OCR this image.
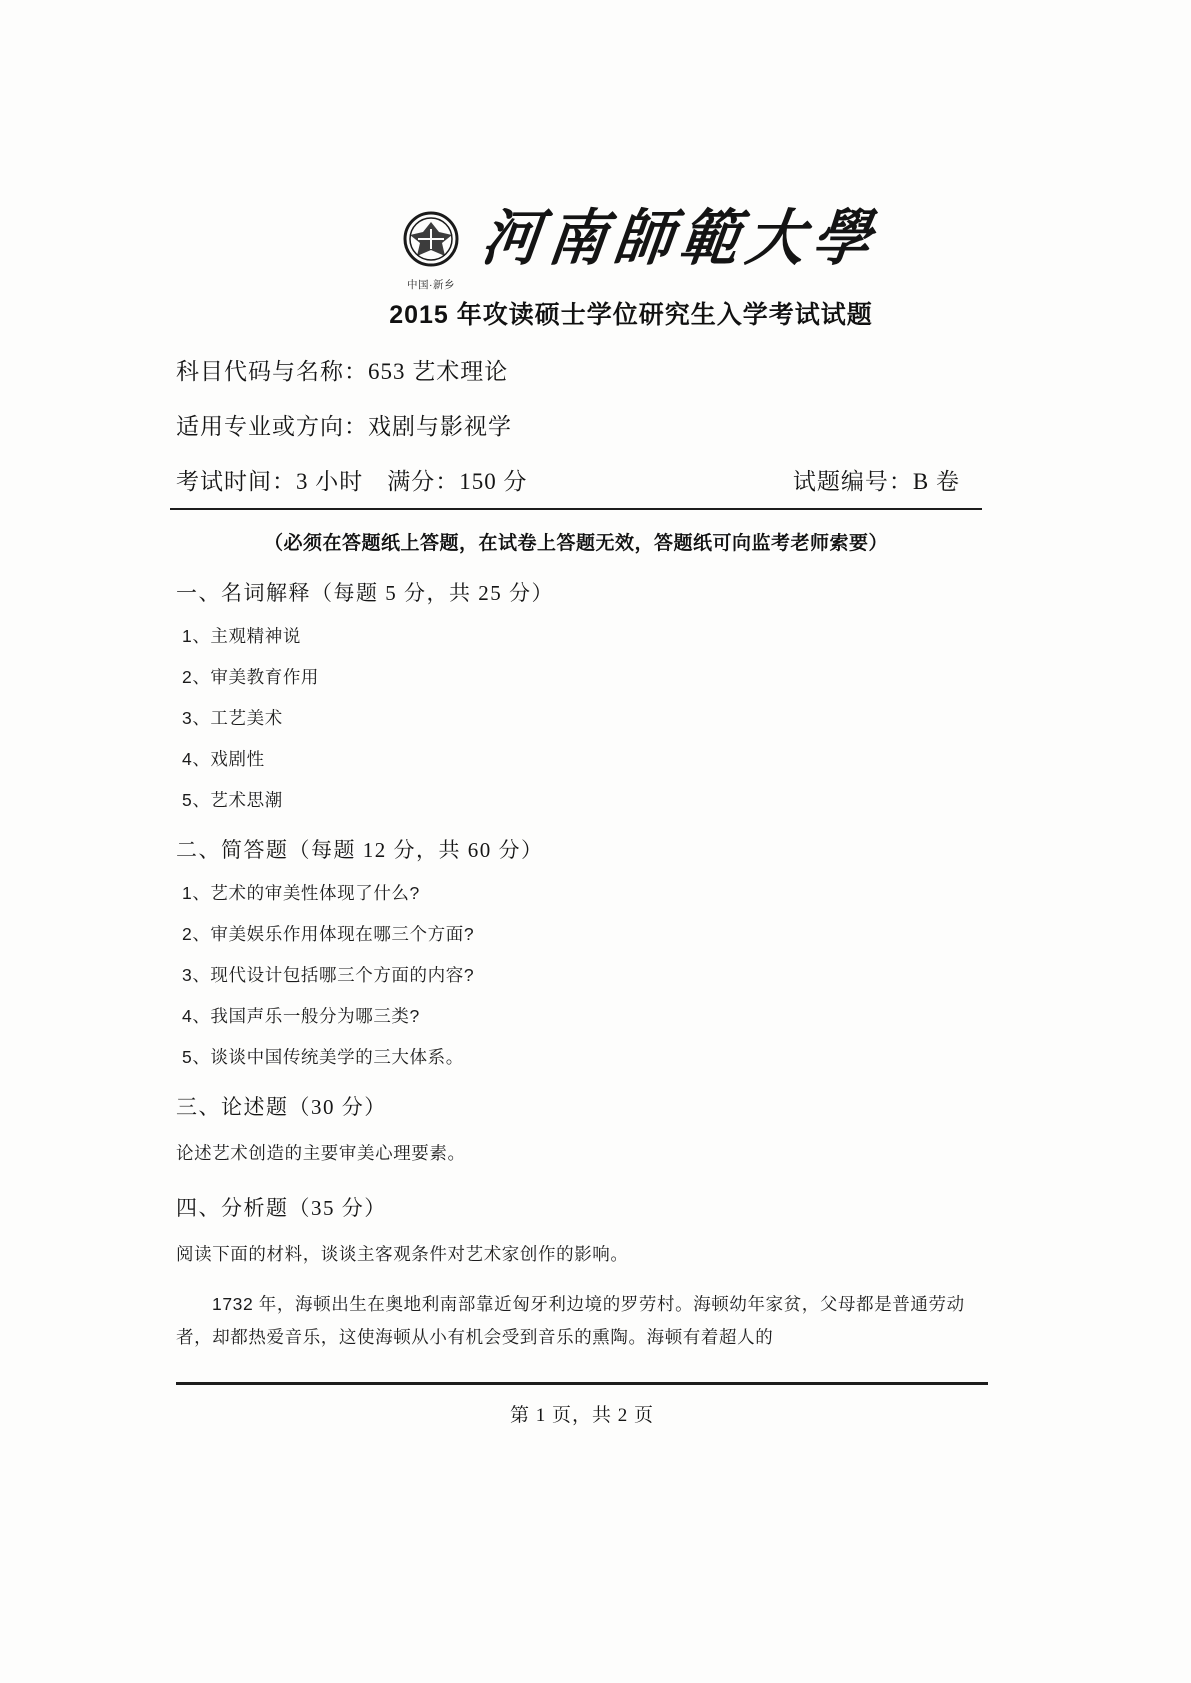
中国·新乡
河南師範大學
2015 年攻读硕士学位研究生入学考试试题
科目代码与名称：653 艺术理论
适用专业或方向：戏剧与影视学
考试时间：3 小时　满分：150 分	试题编号：B 卷
（必须在答题纸上答题，在试卷上答题无效，答题纸可向监考老师索要）
一、名词解释（每题 5 分，共 25 分）
1、主观精神说
2、审美教育作用
3、工艺美术
4、戏剧性
5、艺术思潮
二、简答题（每题 12 分，共 60 分）
1、艺术的审美性体现了什么?
2、审美娱乐作用体现在哪三个方面?
3、现代设计包括哪三个方面的内容?
4、我国声乐一般分为哪三类?
5、谈谈中国传统美学的三大体系。
三、论述题（30 分）
论述艺术创造的主要审美心理要素。
四、分析题（35 分）
阅读下面的材料，谈谈主客观条件对艺术家创作的影响。
1732 年，海顿出生在奥地利南部靠近匈牙利边境的罗劳村。海顿幼年家贫，父母都是普通劳动者，却都热爱音乐，这使海顿从小有机会受到音乐的熏陶。海顿有着超人的
第 1 页，共 2 页
